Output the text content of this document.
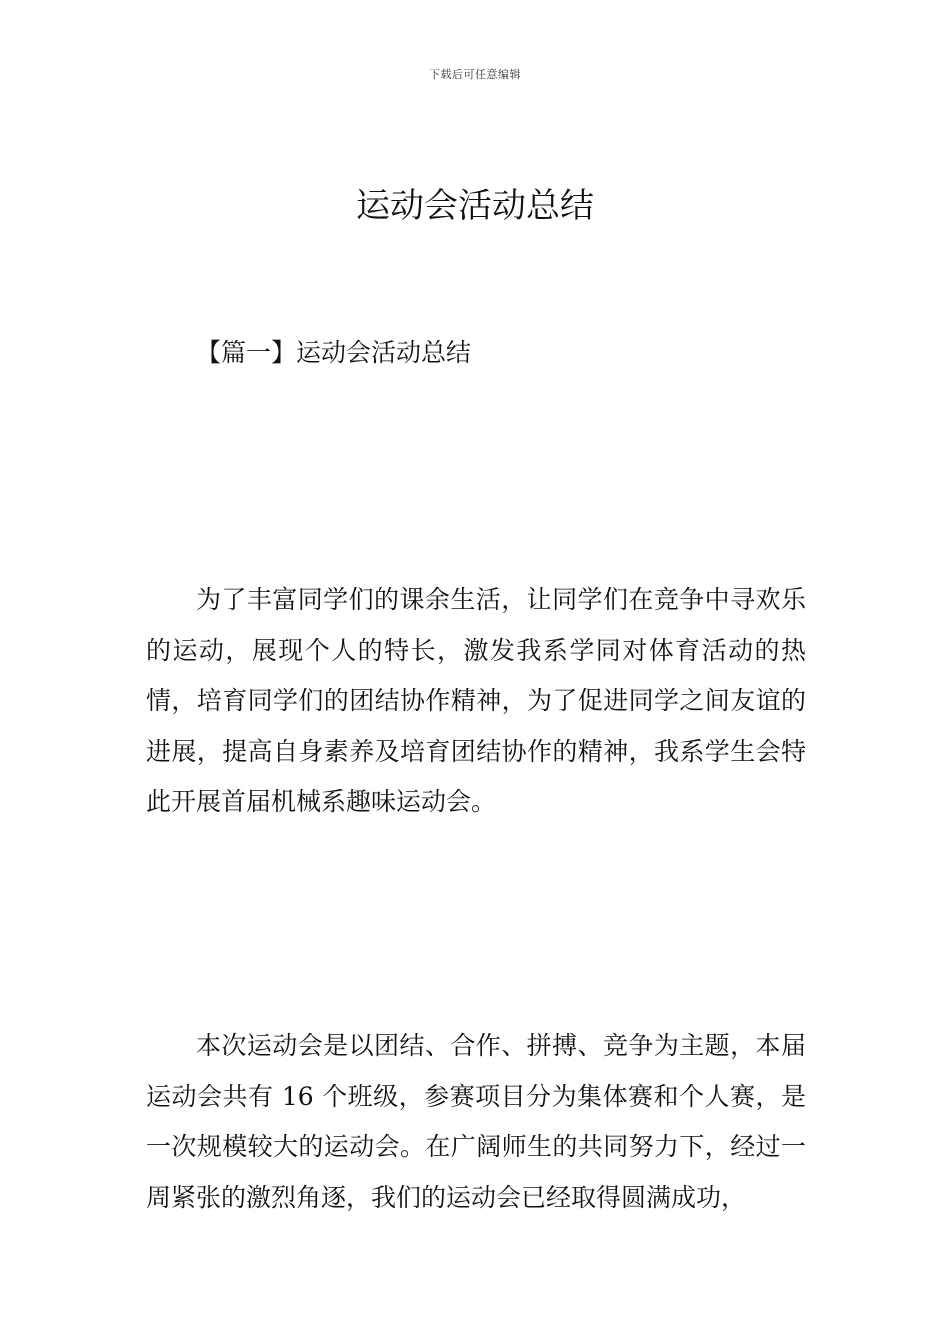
下载后可任意编辑
运动会活动总结
【篇一】运动会活动总结

为了丰富同学们的课余生活，让同学们在竞争中寻欢乐的运动，展现个人的特长，激发我系学同对体育活动的热情，培育同学们的团结协作精神，为了促进同学之间友谊的进展，提高自身素养及培育团结协作的精神，我系学生会特此开展首届机械系趣味运动会。

本次运动会是以团结、合作、拼搏、竞争为主题，本届运动会共有 16 个班级，参赛项目分为集体赛和个人赛，是一次规模较大的运动会。在广阔师生的共同努力下，经过一周紧张的激烈角逐，我们的运动会已经取得圆满成功，
